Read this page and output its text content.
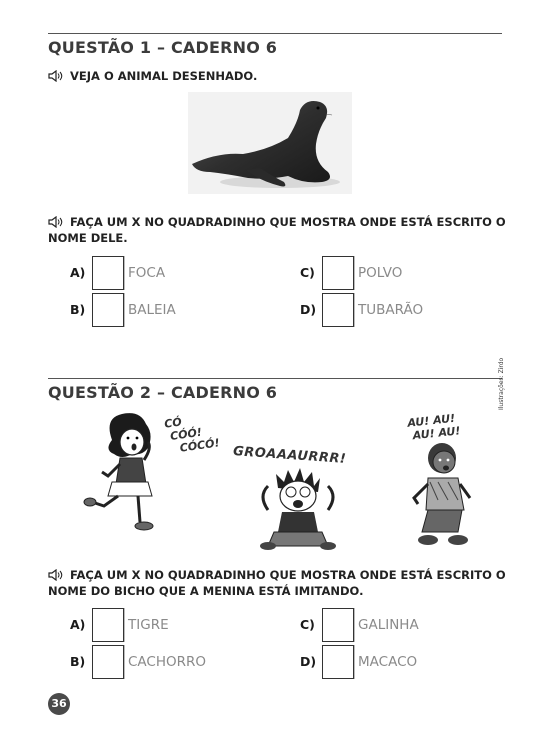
QUESTÃO 1 – CADERNO 6
VEJA O ANIMAL DESENHADO.
FAÇA UM X NO QUADRADINHO QUE MOSTRA ONDE ESTÁ ESCRITO O NOME DELE.
A)	FOCA
B)	BALEIA
C)	POLVO
D)	TUBARÃO
QUESTÃO 2 – CADERNO 6
CÓ
CÓÓ!
CÓCÓ! GROAAAURRR!
AU! AU!
AU! AU!
Ilustrações: Zirdo
FAÇA UM X NO QUADRADINHO QUE MOSTRA ONDE ESTÁ ESCRITO O NOME DO BICHO QUE A MENINA ESTÁ IMITANDO.
A)	TIGRE
B)	CACHORRO
C)	GALINHA
D)	MACACO
36
